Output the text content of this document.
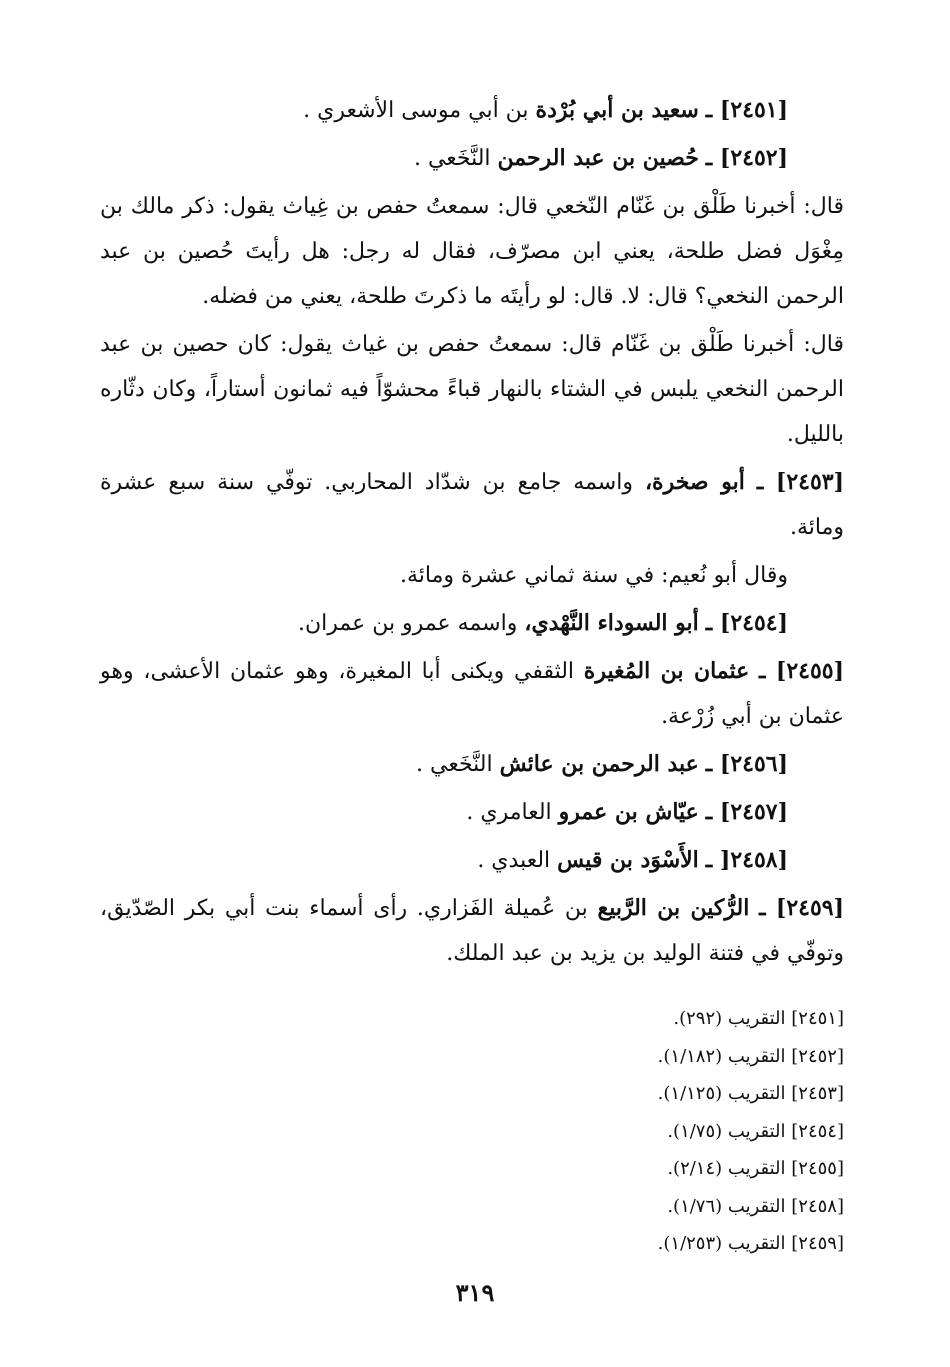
[٢٤٥١] ـ سعيد بن أبي بُرْدة بن أبي موسى الأشعري .

[٢٤٥٢] ـ حُصين بن عبد الرحمن النَّخَعي .

قال: أخبرنا طَلْق بن غَنّام النّخعي قال: سمعتُ حفص بن غِياث يقول: ذكر مالك بن مِغْوَل فضل طلحة، يعني ابن مصرّف، فقال له رجل: هل رأيتَ حُصين بن عبد الرحمن النخعي؟ قال: لا. قال: لو رأيتَه ما ذكرتَ طلحة، يعني من فضله.

قال: أخبرنا طَلْق بن غَنّام قال: سمعتُ حفص بن غياث يقول: كان حصين بن عبد الرحمن النخعي يلبس في الشتاء بالنهار قباءً محشوّاً فيه ثمانون أستاراً، وكان دثّاره بالليل.

[٢٤٥٣] ـ أبو صخرة، واسمه جامع بن شدّاد المحاربي. توفّي سنة سبع عشرة ومائة.

وقال أبو نُعيم: في سنة ثماني عشرة ومائة.

[٢٤٥٤] ـ أبو السوداء النَّهْدي، واسمه عمرو بن عمران.

[٢٤٥٥] ـ عثمان بن المُغيرة الثقفي ويكنى أبا المغيرة، وهو عثمان الأعشى، وهو عثمان بن أبي زُرْعة.

[٢٤٥٦] ـ عبد الرحمن بن عائش النَّخَعي .

[٢٤٥٧] ـ عيّاش بن عمرو العامري .

[٢٤٥٨[ ـ الأَسْوَد بن قيس العبدي .

[٢٤٥٩] ـ الرُّكين بن الرَّبيع بن عُميلة الفَزاري. رأى أسماء بنت أبي بكر الصّدّيق، وتوفّي في فتنة الوليد بن يزيد بن عبد الملك.

[٢٤٥١] التقريب (٢٩٢).
[٢٤٥٢] التقريب (١/١٨٢).
[٢٤٥٣] التقريب (١/١٢٥).
[٢٤٥٤] التقريب (١/٧٥).
[٢٤٥٥] التقريب (٢/١٤).
[٢٤٥٨] التقريب (١/٧٦).
[٢٤٥٩] التقريب (١/٢٥٣).
٣١٩
